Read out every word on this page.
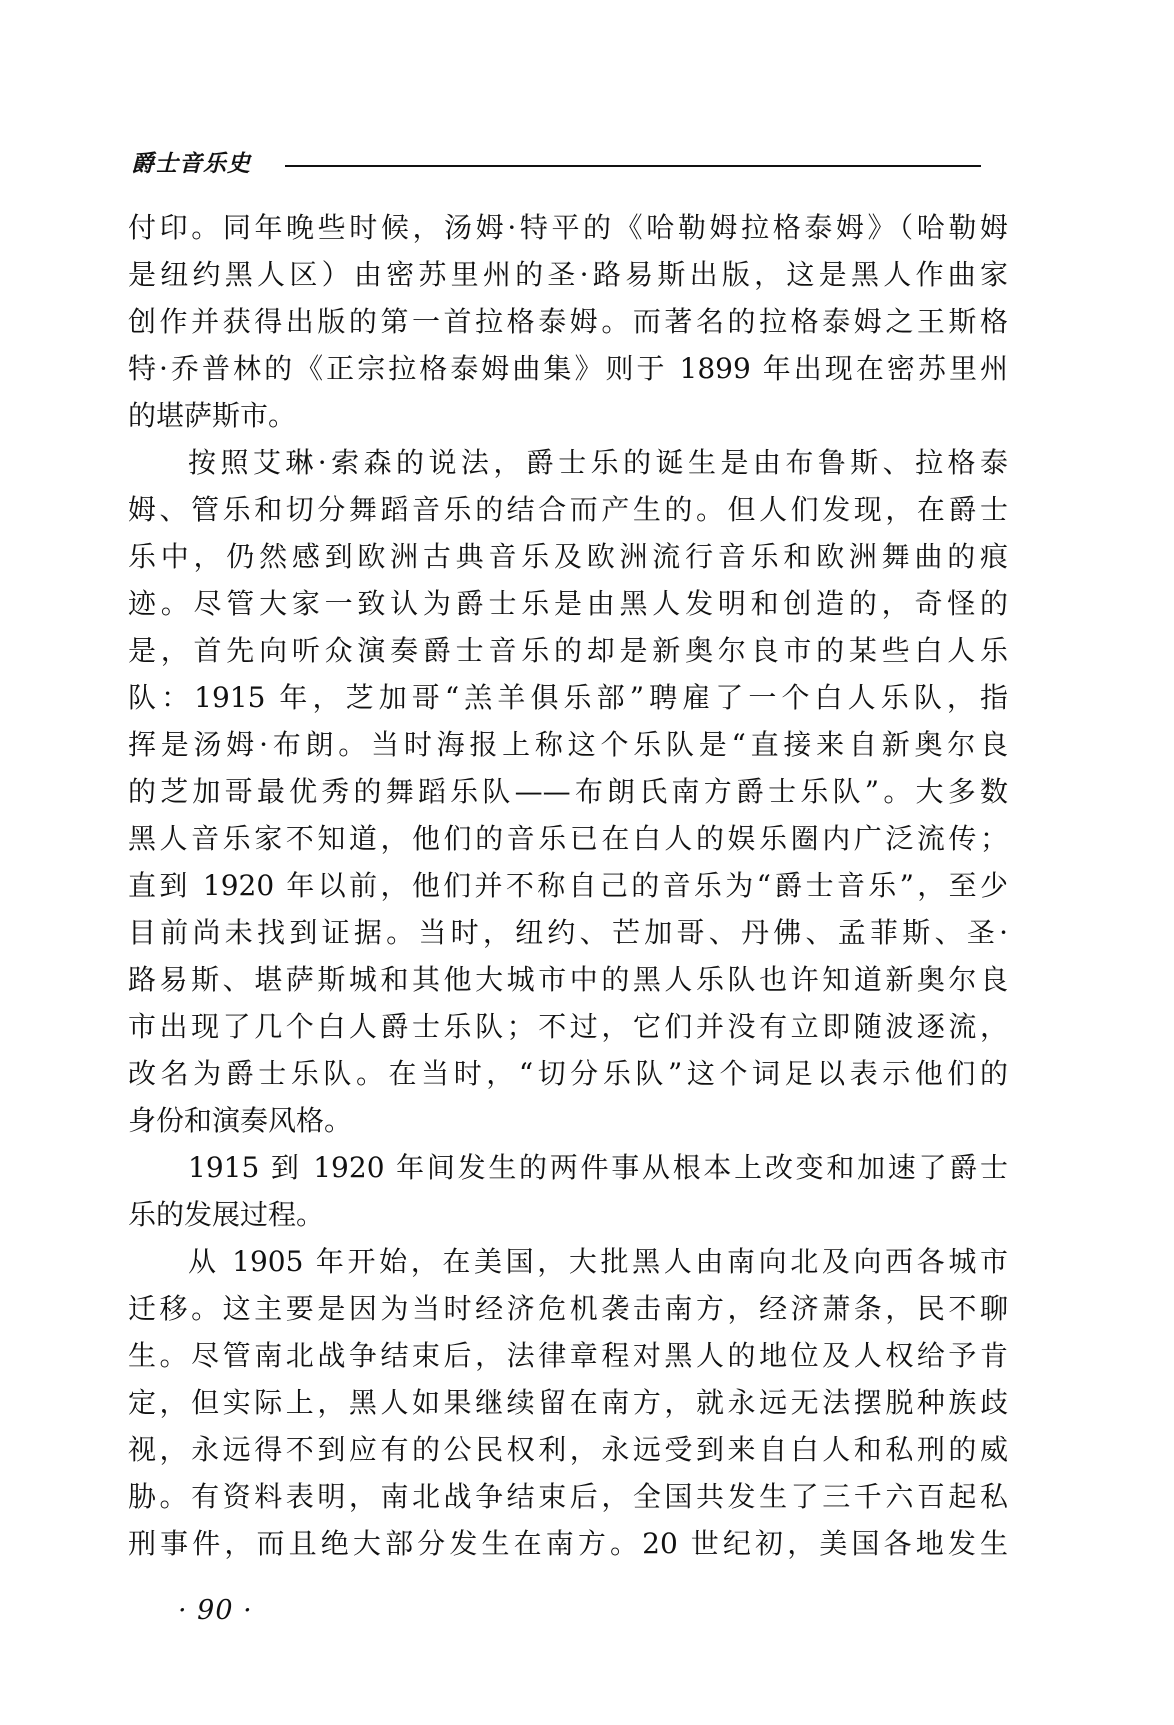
爵士音乐史
付印。同年晚些时候，汤姆·特平的《哈勒姆拉格泰姆》（哈勒姆
是纽约黑人区）由密苏里州的圣·路易斯出版，这是黑人作曲家
创作并获得出版的第一首拉格泰姆。而著名的拉格泰姆之王斯格
特·乔普林的《正宗拉格泰姆曲集》则于 1899 年出现在密苏里州
的堪萨斯市。
按照艾琳·索森的说法，爵士乐的诞生是由布鲁斯、拉格泰
姆、管乐和切分舞蹈音乐的结合而产生的。但人们发现，在爵士
乐中，仍然感到欧洲古典音乐及欧洲流行音乐和欧洲舞曲的痕
迹。尽管大家一致认为爵士乐是由黑人发明和创造的，奇怪的
是，首先向听众演奏爵士音乐的却是新奥尔良市的某些白人乐
队：1915 年，芝加哥“羔羊俱乐部”聘雇了一个白人乐队，指
挥是汤姆·布朗。当时海报上称这个乐队是“直接来自新奥尔良
的芝加哥最优秀的舞蹈乐队——布朗氏南方爵士乐队”。大多数
黑人音乐家不知道，他们的音乐已在白人的娱乐圈内广泛流传；
直到 1920 年以前，他们并不称自己的音乐为“爵士音乐”，至少
目前尚未找到证据。当时，纽约、芒加哥、丹佛、孟菲斯、圣·
路易斯、堪萨斯城和其他大城市中的黑人乐队也许知道新奥尔良
市出现了几个白人爵士乐队；不过，它们并没有立即随波逐流，
改名为爵士乐队。在当时，“切分乐队”这个词足以表示他们的
身份和演奏风格。
1915 到 1920 年间发生的两件事从根本上改变和加速了爵士
乐的发展过程。
从 1905 年开始，在美国，大批黑人由南向北及向西各城市
迁移。这主要是因为当时经济危机袭击南方，经济萧条，民不聊
生。尽管南北战争结束后，法律章程对黑人的地位及人权给予肯
定，但实际上，黑人如果继续留在南方，就永远无法摆脱种族歧
视，永远得不到应有的公民权利，永远受到来自白人和私刑的威
胁。有资料表明，南北战争结束后，全国共发生了三千六百起私
刑事件，而且绝大部分发生在南方。20 世纪初，美国各地发生
· 90 ·
